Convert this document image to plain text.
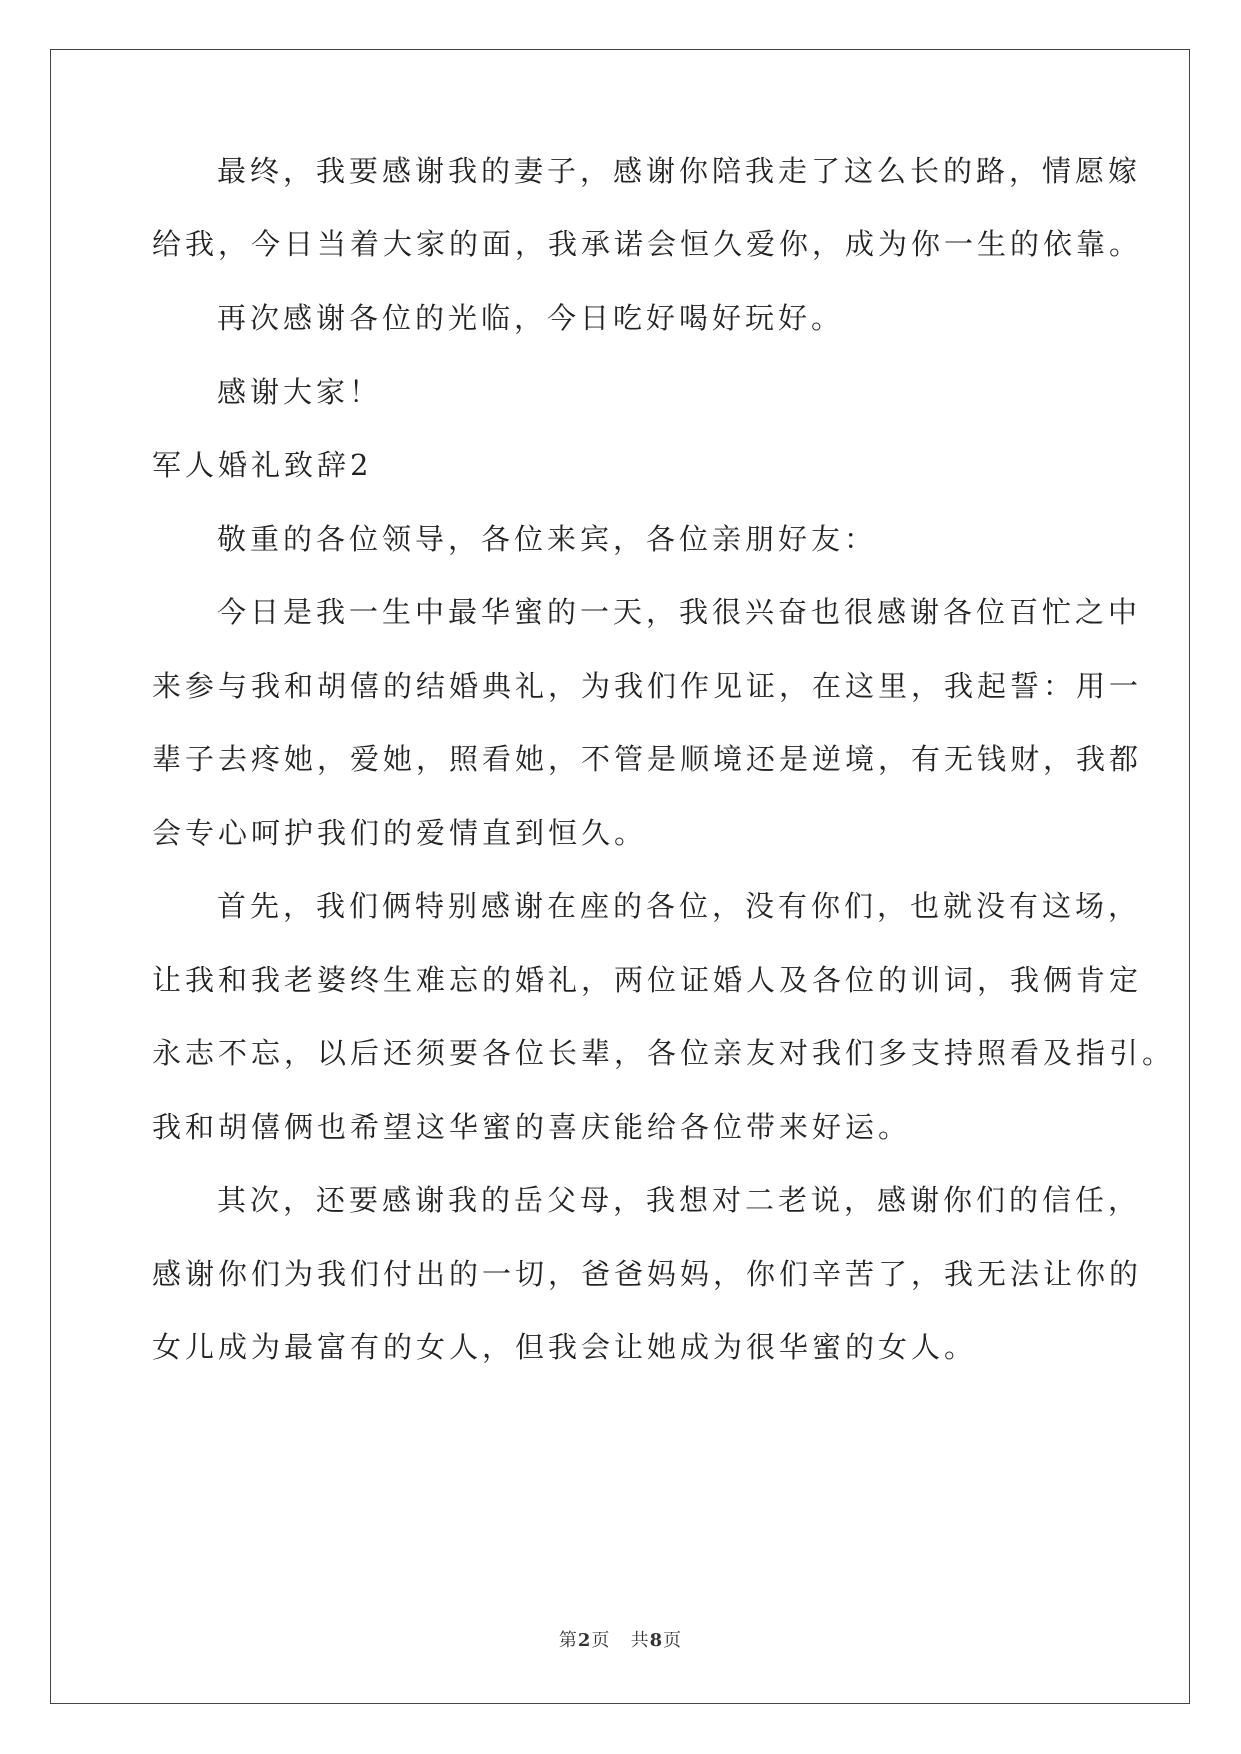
最终，我要感谢我的妻子，感谢你陪我走了这么长的路，情愿嫁
给我，今日当着大家的面，我承诺会恒久爱你，成为你一生的依靠。
再次感谢各位的光临，今日吃好喝好玩好。
感谢大家！
军人婚礼致辞2
敬重的各位领导，各位来宾，各位亲朋好友：
今日是我一生中最华蜜的一天，我很兴奋也很感谢各位百忙之中
来参与我和胡僖的结婚典礼，为我们作见证，在这里，我起誓：用一
辈子去疼她，爱她，照看她，不管是顺境还是逆境，有无钱财，我都
会专心呵护我们的爱情直到恒久。
首先，我们俩特别感谢在座的各位，没有你们，也就没有这场，
让我和我老婆终生难忘的婚礼，两位证婚人及各位的训词，我俩肯定
永志不忘，以后还须要各位长辈，各位亲友对我们多支持照看及指引。
我和胡僖俩也希望这华蜜的喜庆能给各位带来好运。
其次，还要感谢我的岳父母，我想对二老说，感谢你们的信任，
感谢你们为我们付出的一切，爸爸妈妈，你们辛苦了，我无法让你的
女儿成为最富有的女人，但我会让她成为很华蜜的女人。
第2页 共8页
